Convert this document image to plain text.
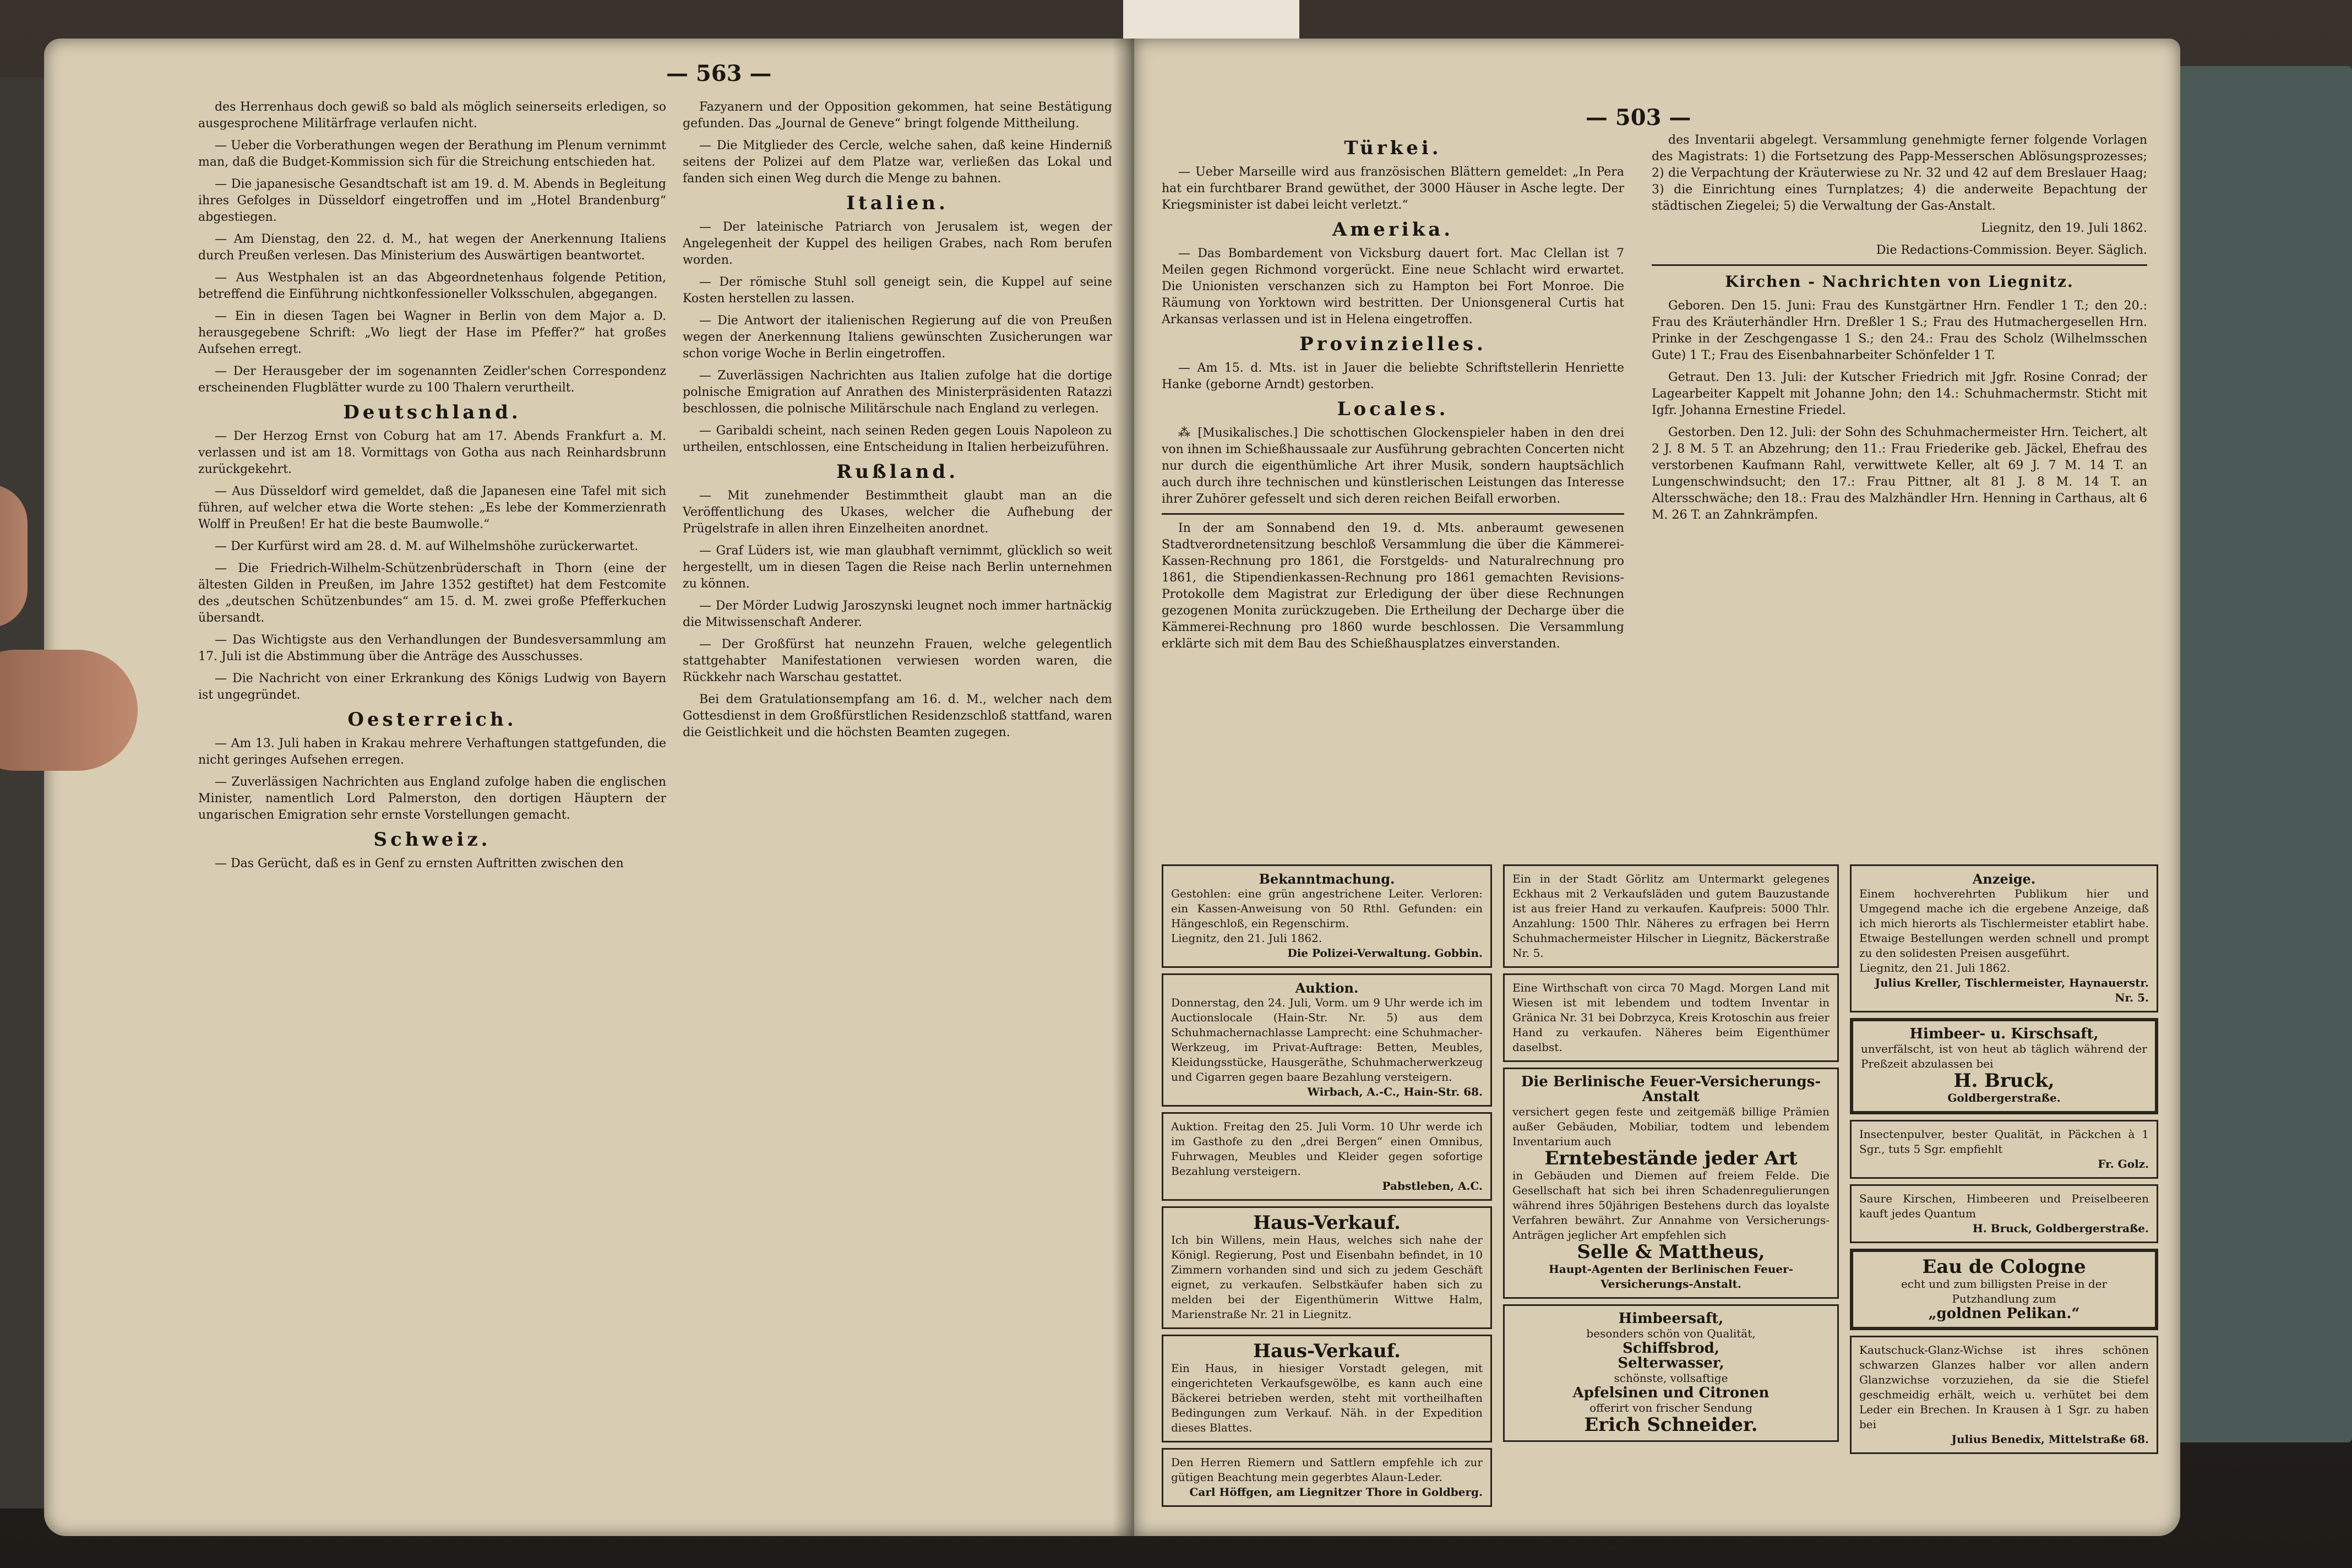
— 563 —

des Herrenhaus doch gewiß so bald als möglich seinerseits erledigen, so ausgesprochene Militärfrage verlaufen nicht.

— Ueber die Vorberathungen wegen der Berathung im Plenum vernimmt man, daß die Budget-Kommission sich für die Streichung entschieden hat.

— Die japanesische Gesandtschaft ist am 19. d. M. Abends in Begleitung ihres Gefolges in Düsseldorf eingetroffen und im „Hotel Brandenburg“ abgestiegen.

— Am Dienstag, den 22. d. M., hat wegen der Anerkennung Italiens durch Preußen verlesen. Das Ministerium des Auswärtigen beantwortet.

— Aus Westphalen ist an das Abgeordnetenhaus folgende Petition, betreffend die Einführung nichtkonfessioneller Volksschulen, abgegangen.

— Ein in diesen Tagen bei Wagner in Berlin von dem Major a. D. herausgegebene Schrift: „Wo liegt der Hase im Pfeffer?“ hat großes Aufsehen erregt.

— Der Herausgeber der im sogenannten Zeidler'schen Correspondenz erscheinenden Flugblätter wurde zu 100 Thalern verurtheilt.

Deutschland.

— Der Herzog Ernst von Coburg hat am 17. Abends Frankfurt a. M. verlassen und ist am 18. Vormittags von Gotha aus nach Reinhardsbrunn zurückgekehrt.

— Aus Düsseldorf wird gemeldet, daß die Japanesen eine Tafel mit sich führen, auf welcher etwa die Worte stehen: „Es lebe der Kommerzienrath Wolff in Preußen! Er hat die beste Baumwolle.“

— Der Kurfürst wird am 28. d. M. auf Wilhelmshöhe zurückerwartet.

— Die Friedrich-Wilhelm-Schützenbrüderschaft in Thorn (eine der ältesten Gilden in Preußen, im Jahre 1352 gestiftet) hat dem Festcomite des „deutschen Schützenbundes“ am 15. d. M. zwei große Pfefferkuchen übersandt.

— Das Wichtigste aus den Verhandlungen der Bundesversammlung am 17. Juli ist die Abstimmung über die Anträge des Ausschusses.

— Die Nachricht von einer Erkrankung des Königs Ludwig von Bayern ist ungegründet.

Oesterreich.

— Am 13. Juli haben in Krakau mehrere Verhaftungen stattgefunden, die nicht geringes Aufsehen erregen.

— Zuverlässigen Nachrichten aus England zufolge haben die englischen Minister, namentlich Lord Palmerston, den dortigen Häuptern der ungarischen Emigration sehr ernste Vorstellungen gemacht.

Schweiz.

— Das Gerücht, daß es in Genf zu ernsten Auftritten zwischen den

Fazyanern und der Opposition gekommen, hat seine Bestätigung gefunden. Das „Journal de Geneve“ bringt folgende Mittheilung.

— Die Mitglieder des Cercle, welche sahen, daß keine Hinderniß seitens der Polizei auf dem Platze war, verließen das Lokal und fanden sich einen Weg durch die Menge zu bahnen.

Italien.

— Der lateinische Patriarch von Jerusalem ist, wegen der Angelegenheit der Kuppel des heiligen Grabes, nach Rom berufen worden.

— Der römische Stuhl soll geneigt sein, die Kuppel auf seine Kosten herstellen zu lassen.

— Die Antwort der italienischen Regierung auf die von Preußen wegen der Anerkennung Italiens gewünschten Zusicherungen war schon vorige Woche in Berlin eingetroffen.

— Zuverlässigen Nachrichten aus Italien zufolge hat die dortige polnische Emigration auf Anrathen des Ministerpräsidenten Ratazzi beschlossen, die polnische Militärschule nach England zu verlegen.

— Garibaldi scheint, nach seinen Reden gegen Louis Napoleon zu urtheilen, entschlossen, eine Entscheidung in Italien herbeizuführen.

Rußland.

— Mit zunehmender Bestimmtheit glaubt man an die Veröffentlichung des Ukases, welcher die Aufhebung der Prügelstrafe in allen ihren Einzelheiten anordnet.

— Graf Lüders ist, wie man glaubhaft vernimmt, glücklich so weit hergestellt, um in diesen Tagen die Reise nach Berlin unternehmen zu können.

— Der Mörder Ludwig Jaroszynski leugnet noch immer hartnäckig die Mitwissenschaft Anderer.

— Der Großfürst hat neunzehn Frauen, welche gelegentlich stattgehabter Manifestationen verwiesen worden waren, die Rückkehr nach Warschau gestattet.

Bei dem Gratulationsempfang am 16. d. M., welcher nach dem Gottesdienst in dem Großfürstlichen Residenzschloß stattfand, waren die Geistlichkeit und die höchsten Beamten zugegen.

— 503 —
Türkei.

— Ueber Marseille wird aus französischen Blättern gemeldet: „In Pera hat ein furchtbarer Brand gewüthet, der 3000 Häuser in Asche legte. Der Kriegsminister ist dabei leicht verletzt.“

Amerika.

— Das Bombardement von Vicksburg dauert fort. Mac Clellan ist 7 Meilen gegen Richmond vorgerückt. Eine neue Schlacht wird erwartet. Die Unionisten verschanzen sich zu Hampton bei Fort Monroe. Die Räumung von Yorktown wird bestritten. Der Unionsgeneral Curtis hat Arkansas verlassen und ist in Helena eingetroffen.

Provinzielles.

— Am 15. d. Mts. ist in Jauer die beliebte Schriftstellerin Henriette Hanke (geborne Arndt) gestorben.

Locales.

⁂ [Musikalisches.] Die schottischen Glockenspieler haben in den drei von ihnen im Schießhaussaale zur Ausführung gebrachten Concerten nicht nur durch die eigenthümliche Art ihrer Musik, sondern hauptsächlich auch durch ihre technischen und künstlerischen Leistungen das Interesse ihrer Zuhörer gefesselt und sich deren reichen Beifall erworben.

In der am Sonnabend den 19. d. Mts. anberaumt gewesenen Stadtverordnetensitzung beschloß Versammlung die über die Kämmerei-Kassen-Rechnung pro 1861, die Forstgelds- und Naturalrechnung pro 1861, die Stipendienkassen-Rechnung pro 1861 gemachten Revisions-Protokolle dem Magistrat zur Erledigung der über diese Rechnungen gezogenen Monita zurückzugeben. Die Ertheilung der Decharge über die Kämmerei-Rechnung pro 1860 wurde beschlossen. Die Versammlung erklärte sich mit dem Bau des Schießhausplatzes einverstanden.

des Inventarii abgelegt. Versammlung genehmigte ferner folgende Vorlagen des Magistrats: 1) die Fortsetzung des Papp-Messerschen Ablösungsprozesses; 2) die Verpachtung der Kräuterwiese zu Nr. 32 und 42 auf dem Breslauer Haag; 3) die Einrichtung eines Turnplatzes; 4) die anderweite Bepachtung der städtischen Ziegelei; 5) die Verwaltung der Gas-Anstalt.

Liegnitz, den 19. Juli 1862.

Die Redactions-Commission. Beyer. Säglich.

Kirchen - Nachrichten von Liegnitz.

Geboren. Den 15. Juni: Frau des Kunstgärtner Hrn. Fendler 1 T.; den 20.: Frau des Kräuterhändler Hrn. Dreßler 1 S.; Frau des Hutmachergesellen Hrn. Prinke in der Zeschgengasse 1 S.; den 24.: Frau des Scholz (Wilhelmsschen Gute) 1 T.; Frau des Eisenbahnarbeiter Schönfelder 1 T.

Getraut. Den 13. Juli: der Kutscher Friedrich mit Jgfr. Rosine Conrad; der Lagearbeiter Kappelt mit Johanne John; den 14.: Schuhmachermstr. Sticht mit Igfr. Johanna Ernestine Friedel.

Gestorben. Den 12. Juli: der Sohn des Schuhmachermeister Hrn. Teichert, alt 2 J. 8 M. 5 T. an Abzehrung; den 11.: Frau Friederike geb. Jäckel, Ehefrau des verstorbenen Kaufmann Rahl, verwittwete Keller, alt 69 J. 7 M. 14 T. an Lungenschwindsucht; den 17.: Frau Pittner, alt 81 J. 8 M. 14 T. an Altersschwäche; den 18.: Frau des Malzhändler Hrn. Henning in Carthaus, alt 6 M. 26 T. an Zahnkrämpfen.

Bekanntmachung.
Gestohlen: eine grün angestrichene Leiter. Verloren: ein Kassen-Anweisung von 50 Rthl. Gefunden: ein Hängeschloß, ein Regenschirm.
Liegnitz, den 21. Juli 1862.
Die Polizei-Verwaltung. Gobbin.
Auktion.
Donnerstag, den 24. Juli, Vorm. um 9 Uhr werde ich im Auctionslocale (Hain-Str. Nr. 5) aus dem Schuhmachernachlasse Lamprecht: eine Schuhmacher-Werkzeug, im Privat-Auftrage: Betten, Meubles, Kleidungsstücke, Hausgeräthe, Schuhmacherwerkzeug und Cigarren gegen baare Bezahlung versteigern.
Wirbach, A.-C., Hain-Str. 68.
Auktion. Freitag den 25. Juli Vorm. 10 Uhr werde ich im Gasthofe zu den „drei Bergen“ einen Omnibus, Fuhrwagen, Meubles und Kleider gegen sofortige Bezahlung versteigern.
Pabstleben, A.C.
Haus-Verkauf.
Ich bin Willens, mein Haus, welches sich nahe der Königl. Regierung, Post und Eisenbahn befindet, in 10 Zimmern vorhanden sind und sich zu jedem Geschäft eignet, zu verkaufen. Selbstkäufer haben sich zu melden bei der Eigenthümerin Wittwe Halm, Marienstraße Nr. 21 in Liegnitz.
Haus-Verkauf.
Ein Haus, in hiesiger Vorstadt gelegen, mit eingerichteten Verkaufsgewölbe, es kann auch eine Bäckerei betrieben werden, steht mit vortheilhaften Bedingungen zum Verkauf. Näh. in der Expedition dieses Blattes.
Den Herren Riemern und Sattlern empfehle ich zur gütigen Beachtung mein gegerbtes Alaun-Leder.
Carl Höffgen, am Liegnitzer Thore in Goldberg.
Ein in der Stadt Görlitz am Untermarkt gelegenes Eckhaus mit 2 Verkaufsläden und gutem Bauzustande ist aus freier Hand zu verkaufen. Kaufpreis: 5000 Thlr. Anzahlung: 1500 Thlr. Näheres zu erfragen bei Herrn Schuhmachermeister Hilscher in Liegnitz, Bäckerstraße Nr. 5.
Eine Wirthschaft von circa 70 Magd. Morgen Land mit Wiesen ist mit lebendem und todtem Inventar in Gränica Nr. 31 bei Dobrzyca, Kreis Krotoschin aus freier Hand zu verkaufen. Näheres beim Eigenthümer daselbst.
Die Berlinische Feuer-Versicherungs-Anstalt
versichert gegen feste und zeitgemäß billige Prämien außer Gebäuden, Mobiliar, todtem und lebendem Inventarium auch
Erntebestände jeder Art
in Gebäuden und Diemen auf freiem Felde. Die Gesellschaft hat sich bei ihren Schadenregulierungen während ihres 50jährigen Bestehens durch das loyalste Verfahren bewährt. Zur Annahme von Versicherungs-Anträgen jeglicher Art empfehlen sich
Selle & Mattheus,
Haupt-Agenten der Berlinischen Feuer-Versicherungs-Anstalt.
Himbeersaft,
besonders schön von Qualität,
Schiffsbrod,
Selterwasser,
schönste, vollsaftige
Apfelsinen und Citronen
offerirt von frischer Sendung
Erich Schneider.
Anzeige.
Einem hochverehrten Publikum hier und Umgegend mache ich die ergebene Anzeige, daß ich mich hierorts als Tischlermeister etablirt habe. Etwaige Bestellungen werden schnell und prompt zu den solidesten Preisen ausgeführt.
Liegnitz, den 21. Juli 1862.
Julius Kreller, Tischlermeister, Haynauerstr. Nr. 5.
Himbeer- u. Kirschsaft,
unverfälscht, ist von heut ab täglich während der Preßzeit abzulassen bei
H. Bruck,
Goldbergerstraße.
Insectenpulver, bester Qualität, in Päckchen à 1 Sgr., tuts 5 Sgr. empfiehlt
Fr. Golz.
Saure Kirschen, Himbeeren und Preiselbeeren kauft jedes Quantum
H. Bruck, Goldbergerstraße.
Eau de Cologne
echt und zum billigsten Preise in der Putzhandlung zum
„goldnen Pelikan.“
Kautschuck-Glanz-Wichse ist ihres schönen schwarzen Glanzes halber vor allen andern Glanzwichse vorzuziehen, da sie die Stiefel geschmeidig erhält, weich u. verhütet bei dem Leder ein Brechen. In Krausen à 1 Sgr. zu haben bei
Julius Benedix, Mittelstraße 68.
